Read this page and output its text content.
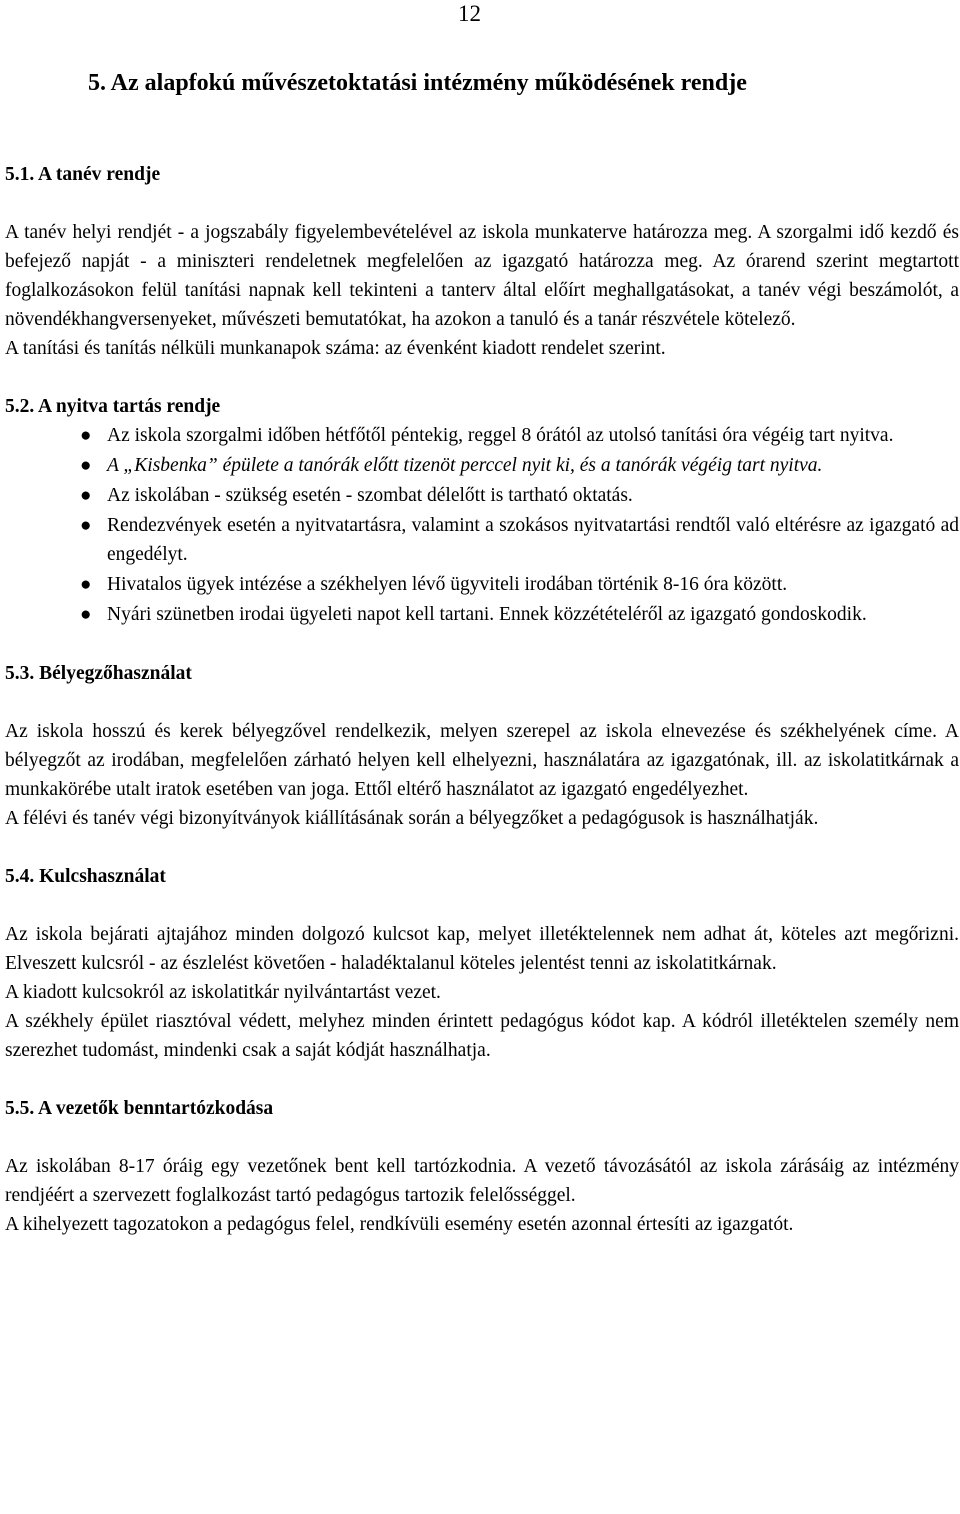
12
5. Az alapfokú művészetoktatási intézmény működésének rendje
5.1. A tanév rendje

A tanév helyi rendjét - a jogszabály figyelembevételével az iskola munkaterve határozza meg. A szorgalmi idő kezdő és befejező napját - a miniszteri rendeletnek megfelelően az igazgató határozza meg. Az órarend szerint megtartott foglalkozásokon felül tanítási napnak kell tekinteni a tanterv által előírt meghallgatásokat, a tanév végi beszámolót, a növendékhangversenyeket, művészeti bemutatókat, ha azokon a tanuló és a tanár részvétele kötelező.

A tanítási és tanítás nélküli munkanapok száma: az évenként kiadott rendelet szerint.

5.2. A nyitva tartás rendje
● Az iskola szorgalmi időben hétfőtől péntekig, reggel 8 órától az utolsó tanítási óra végéig tart nyitva.
● A „Kisbenka” épülete a tanórák előtt tizenöt perccel nyit ki, és a tanórák végéig tart nyitva.
● Az iskolában - szükség esetén - szombat délelőtt is tartható oktatás.
● Rendezvények esetén a nyitvatartásra, valamint a szokásos nyitvatartási rendtől való eltérésre az igazgató ad engedélyt.
● Hivatalos ügyek intézése a székhelyen lévő ügyviteli irodában történik 8-16 óra között.
● Nyári szünetben irodai ügyeleti napot kell tartani. Ennek közzétételéről az igazgató gondoskodik.
5.3. Bélyegzőhasználat

Az iskola hosszú és kerek bélyegzővel rendelkezik, melyen szerepel az iskola elnevezése és székhelyének címe. A bélyegzőt az irodában, megfelelően zárható helyen kell elhelyezni, használatára az igazgatónak, ill. az iskolatitkárnak a munkakörébe utalt iratok esetében van joga. Ettől eltérő használatot az igazgató engedélyezhet.

A félévi és tanév végi bizonyítványok kiállításának során a bélyegzőket a pedagógusok is használhatják.

5.4. Kulcshasználat

Az iskola bejárati ajtajához minden dolgozó kulcsot kap, melyet illetéktelennek nem adhat át, köteles azt megőrizni. Elveszett kulcsról - az észlelést követően - haladéktalanul köteles jelentést tenni az iskolatitkárnak.

A kiadott kulcsokról az iskolatitkár nyilvántartást vezet.

A székhely épület riasztóval védett, melyhez minden érintett pedagógus kódot kap. A kódról illetéktelen személy nem szerezhet tudomást, mindenki csak a saját kódját használhatja.

5.5. A vezetők benntartózkodása

Az iskolában 8-17 óráig egy vezetőnek bent kell tartózkodnia. A vezető távozásától az iskola zárásáig az intézmény rendjéért a szervezett foglalkozást tartó pedagógus tartozik felelősséggel.

A kihelyezett tagozatokon a pedagógus felel, rendkívüli esemény esetén azonnal értesíti az igazgatót.
